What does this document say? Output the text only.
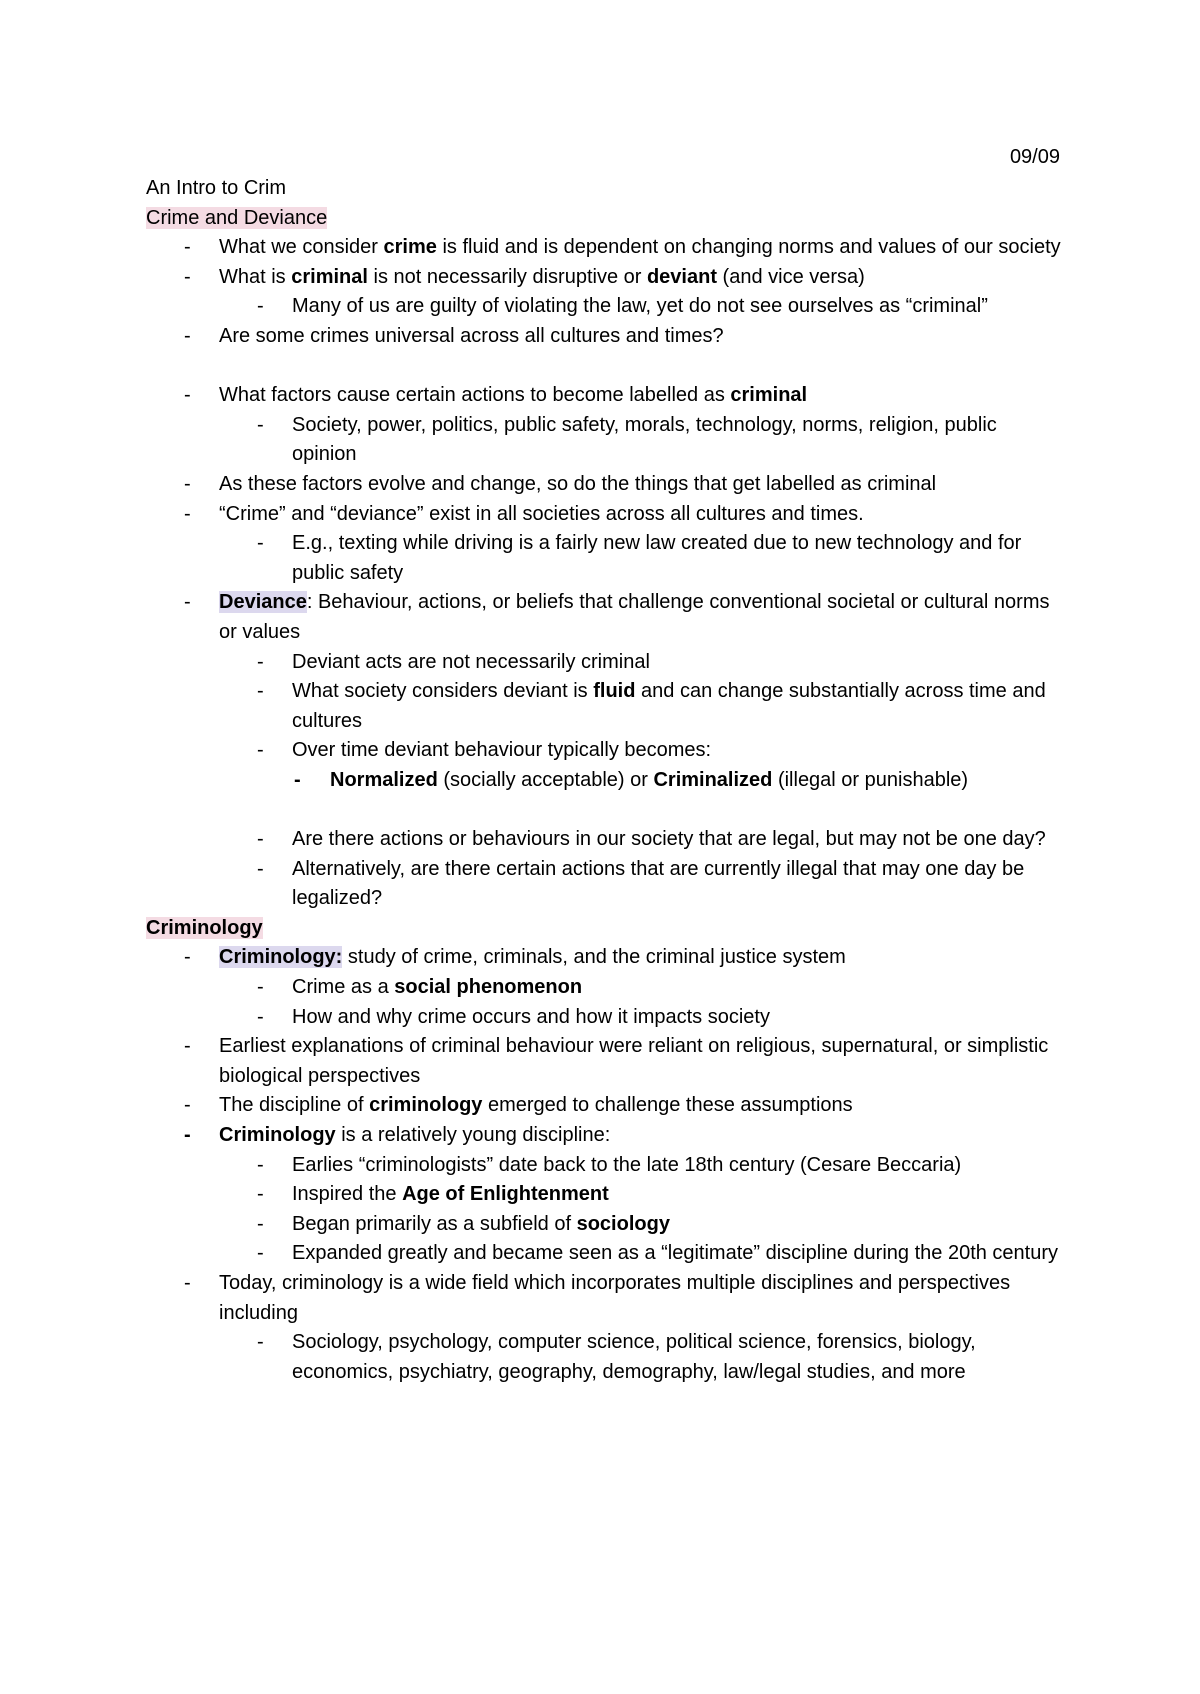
09/09

An Intro to Crim

Crime and Deviance

-	What we consider crime is fluid and is dependent on changing norms and values of our society
-	What is criminal is not necessarily disruptive or deviant (and vice versa)
-	Many of us are guilty of violating the law, yet do not see ourselves as “criminal”
-	Are some crimes universal across all cultures and times?
-	What factors cause certain actions to become labelled as criminal
-	Society, power, politics, public safety, morals, technology, norms, religion, public opinion
-	As these factors evolve and change, so do the things that get labelled as criminal
-	“Crime” and “deviance” exist in all societies across all cultures and times.
-	E.g., texting while driving is a fairly new law created due to new technology and for public safety
-	Deviance: Behaviour, actions, or beliefs that challenge conventional societal or cultural norms or values
-	Deviant acts are not necessarily criminal
-	What society considers deviant is fluid and can change substantially across time and cultures
-	Over time deviant behaviour typically becomes:
-	Normalized (socially acceptable) or Criminalized (illegal or punishable)
-	Are there actions or behaviours in our society that are legal, but may not be one day?
-	Alternatively, are there certain actions that are currently illegal that may one day be legalized?

Criminology

-	Criminology: study of crime, criminals, and the criminal justice system
-	Crime as a social phenomenon
-	How and why crime occurs and how it impacts society
-	Earliest explanations of criminal behaviour were reliant on religious, supernatural, or simplistic biological perspectives
-	The discipline of criminology emerged to challenge these assumptions
-	Criminology is a relatively young discipline:
-	Earlies “criminologists” date back to the late 18th century (Cesare Beccaria)
-	Inspired the Age of Enlightenment
-	Began primarily as a subfield of sociology
-	Expanded greatly and became seen as a “legitimate” discipline during the 20th century
-	Today, criminology is a wide field which incorporates multiple disciplines and perspectives including
-	Sociology, psychology, computer science, political science, forensics, biology, economics, psychiatry, geography, demography, law/legal studies, and more
